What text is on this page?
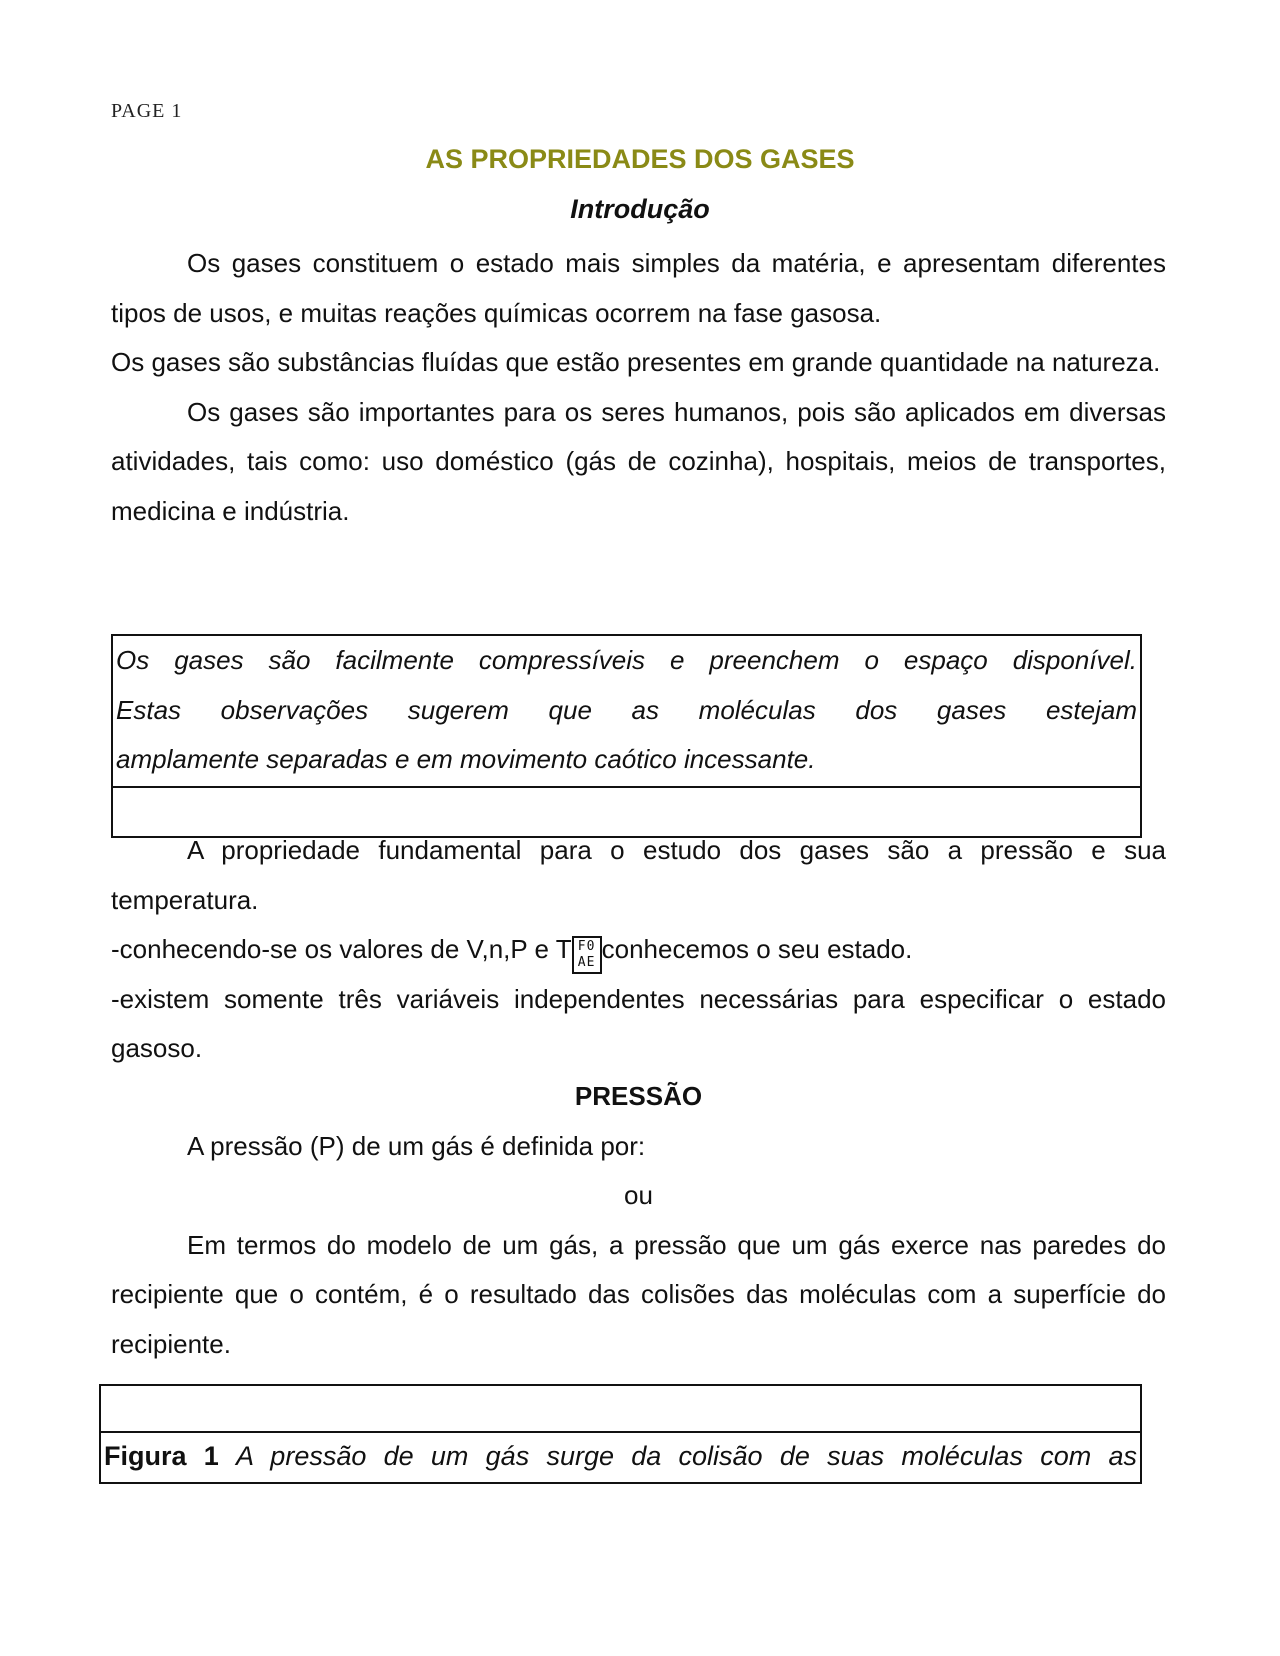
PAGE 1
AS PROPRIEDADES DOS GASES
Introdução

Os gases constituem o estado mais simples da matéria, e apresentam diferentes tipos de usos, e muitas reações químicas ocorrem na fase gasosa.

Os gases são substâncias fluídas que estão presentes em grande quantidade na natureza.

Os gases são importantes para os seres humanos, pois são aplicados em diversas atividades, tais como: uso doméstico (gás de cozinha), hospitais, meios de transportes, medicina e indústria.

Os gases são facilmente compressíveis e preenchem o espaço disponível.

Estas observações sugerem que as moléculas dos gases estejam

amplamente separadas e em movimento caótico incessante.

A propriedade fundamental para o estudo dos gases são a pressão e sua temperatura.

-conhecendo-se os valores de V,n,P e T F0
AE conhecemos o seu estado.

-existem somente três variáveis independentes necessárias para especificar o estado gasoso.

PRESSÃO

A pressão (P) de um gás é definida por:

ou

Em termos do modelo de um gás, a pressão que um gás exerce nas paredes do recipiente que o contém, é o resultado das colisões das moléculas com a superfície do recipiente.

Figura 1 A pressão de um gás surge da colisão de suas moléculas com as
